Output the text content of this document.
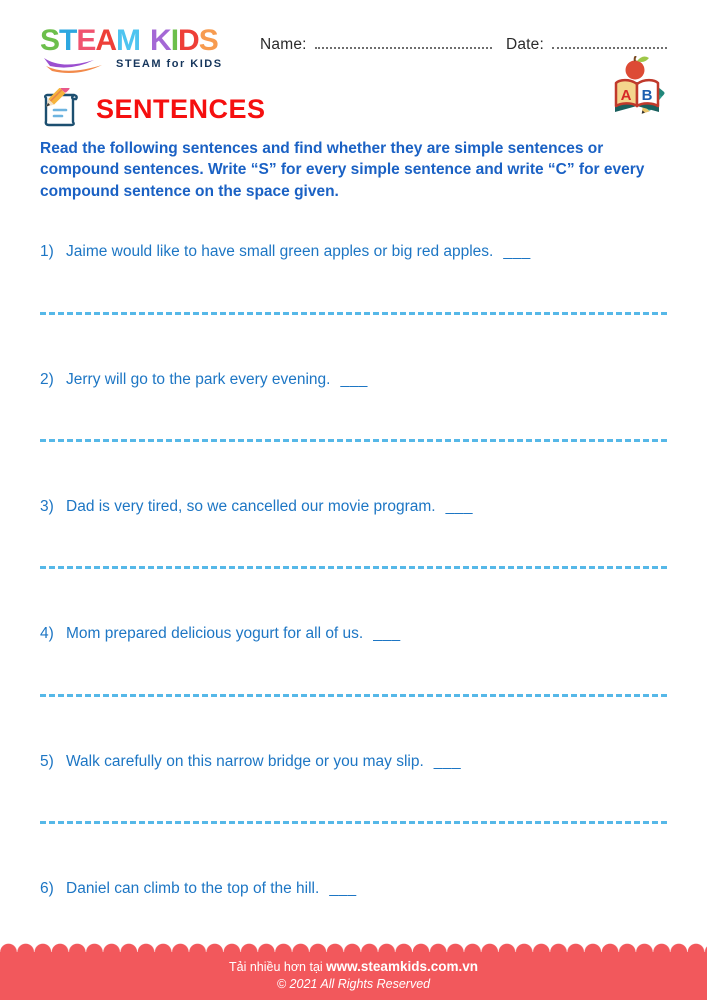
STEAM KIDS
STEAM for KIDS
Name:	Date:
SENTENCES
Read the following sentences and find whether they are simple sentences or compound sentences. Write “S” for every simple sentence and write “C” for every compound sentence on the space given.
1) Jaime would like to have small green apples or big red apples. ___
2) Jerry will go to the park every evening. ___
3) Dad is very tired, so we cancelled our movie program. ___
4) Mom prepared delicious yogurt for all of us. ___
5) Walk carefully on this narrow bridge or you may slip. ___
6) Daniel can climb to the top of the hill. ___
A B
Tải nhiều hơn tại www.steamkids.com.vn
© 2021 All Rights Reserved
